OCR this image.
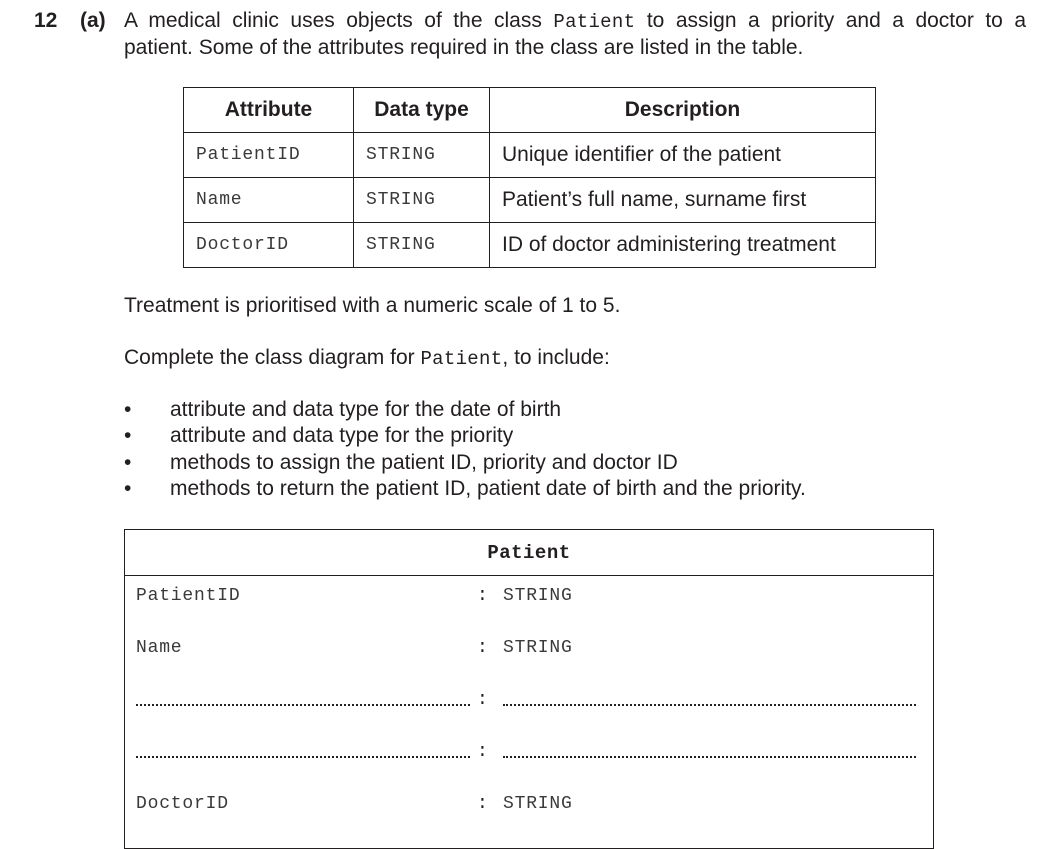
12 (a) A medical clinic uses objects of the class Patient to assign a priority and a doctor to a
patient. Some of the attributes required in the class are listed in the table.
Attribute	Data type	Description
PatientID	STRING	Unique identifier of the patient
Name	STRING	Patient’s full name, surname first
DoctorID	STRING	ID of doctor administering treatment
Treatment is prioritised with a numeric scale of 1 to 5.
Complete the class diagram for Patient, to include:
• attribute and data type for the date of birth
• attribute and data type for the priority
• methods to assign the patient ID, priority and doctor ID
• methods to return the patient ID, patient date of birth and the priority.
Patient
PatientID	: STRING
Name	: STRING
:
:
DoctorID	: STRING
